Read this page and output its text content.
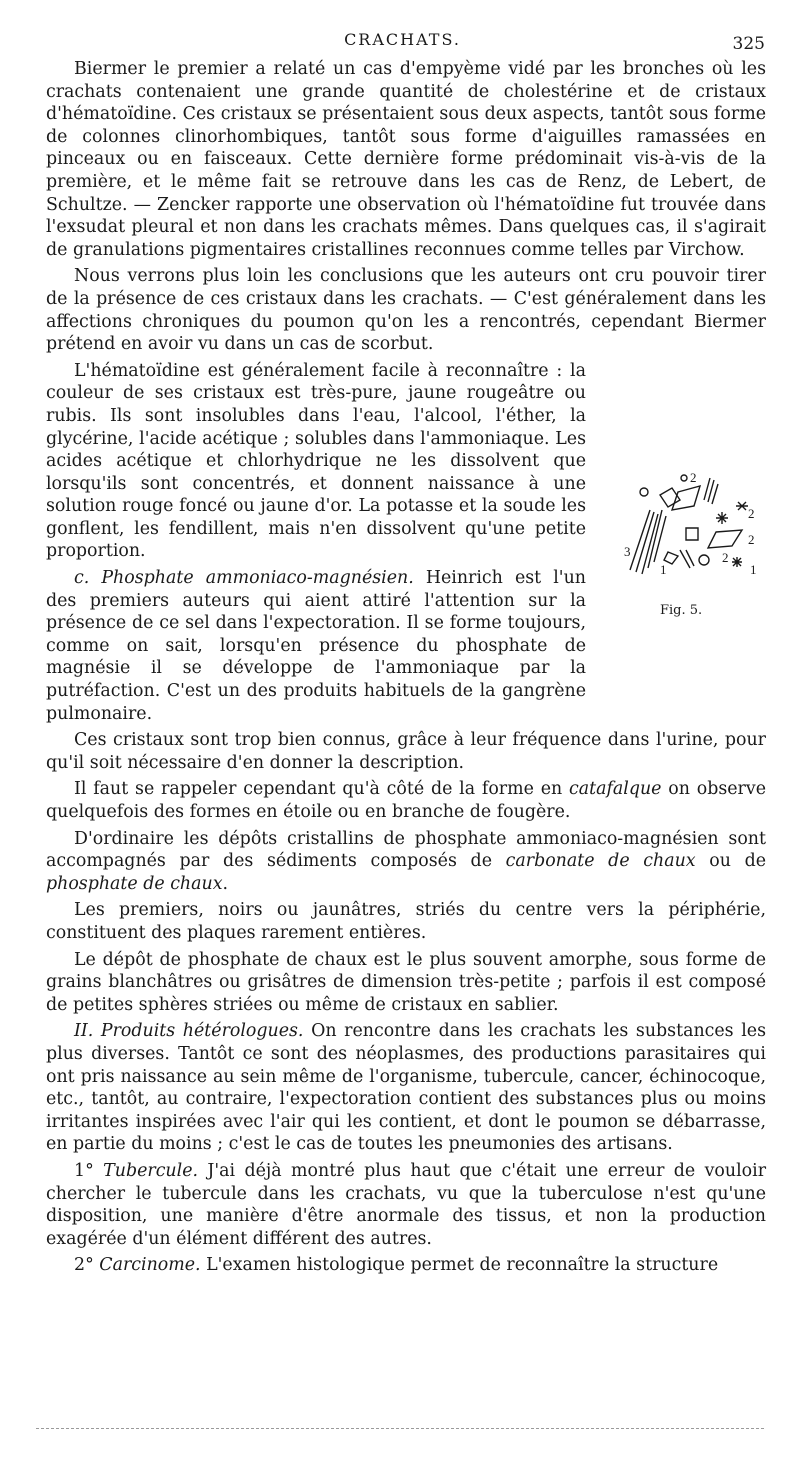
CRACHATS.	325

Biermer le premier a relaté un cas d'empyème vidé par les bronches où les crachats contenaient une grande quantité de cholestérine et de cristaux d'hématoïdine. Ces cristaux se présentaient sous deux aspects, tantôt sous forme de colonnes clinorhombiques, tantôt sous forme d'aiguilles ramassées en pinceaux ou en faisceaux. Cette dernière forme prédominait vis-à-vis de la première, et le même fait se retrouve dans les cas de Renz, de Lebert, de Schultze. — Zencker rapporte une observation où l'hématoïdine fut trouvée dans l'exsudat pleural et non dans les crachats mêmes. Dans quelques cas, il s'agirait de granulations pigmentaires cristallines reconnues comme telles par Virchow.

Nous verrons plus loin les conclusions que les auteurs ont cru pouvoir tirer de la présence de ces cristaux dans les crachats. — C'est généralement dans les affections chroniques du poumon qu'on les a rencontrés, cependant Biermer prétend en avoir vu dans un cas de scorbut.

L'hématoïdine est généralement facile à reconnaître : la couleur de ses cristaux est très-pure, jaune rougeâtre ou rubis. Ils sont insolubles dans l'eau, l'alcool, l'éther, la glycérine, l'acide acétique ; solubles dans l'ammoniaque. Les acides acétique et chlorhydrique ne les dissolvent que lorsqu'ils sont concentrés, et donnent naissance à une solution rouge foncé ou jaune d'or. La potasse et la soude les gonflent, les fendillent, mais n'en dissolvent qu'une petite proportion.

c. Phosphate ammoniaco-magnésien. Heinrich est l'un des premiers auteurs qui aient attiré l'attention sur la présence de ce sel dans l'expectoration. Il se forme toujours, comme on sait, lorsqu'en présence du phosphate de magnésie il se développe de l'ammoniaque par la putréfaction. C'est un des produits habituels de la gangrène pulmonaire.

Ces cristaux sont trop bien connus, grâce à leur fréquence dans l'urine, pour qu'il soit nécessaire d'en donner la description.

Il faut se rappeler cependant qu'à côté de la forme en catafalque on observe quelquefois des formes en étoile ou en branche de fougère.

D'ordinaire les dépôts cristallins de phosphate ammoniaco-magnésien sont accompagnés par des sédiments composés de carbonate de chaux ou de phosphate de chaux.

Les premiers, noirs ou jaunâtres, striés du centre vers la périphérie, constituent des plaques rarement entières.

Le dépôt de phosphate de chaux est le plus souvent amorphe, sous forme de grains blanchâtres ou grisâtres de dimension très-petite ; parfois il est composé de petites sphères striées ou même de cristaux en sablier.

II. Produits hétérologues. On rencontre dans les crachats les substances les plus diverses. Tantôt ce sont des néoplasmes, des productions parasitaires qui ont pris naissance au sein même de l'organisme, tubercule, cancer, échinocoque, etc., tantôt, au contraire, l'expectoration contient des substances plus ou moins irritantes inspirées avec l'air qui les contient, et dont le poumon se débarrasse, en partie du moins ; c'est le cas de toutes les pneumonies des artisans.

1° Tubercule. J'ai déjà montré plus haut que c'était une erreur de vouloir chercher le tubercule dans les crachats, vu que la tuberculose n'est qu'une disposition, une manière d'être anormale des tissus, et non la production exagérée d'un élément différent des autres.

2° Carcinome. L'examen histologique permet de reconnaître la structure

2
2
2
2
3
1	1
Fig. 5.
